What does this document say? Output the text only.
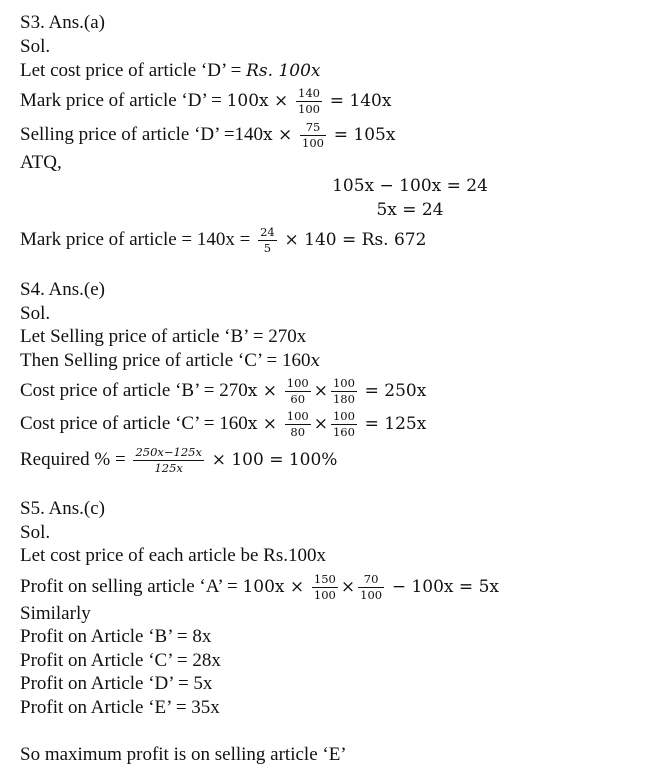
S3. Ans.(a)
Sol.
Let cost price of article ‘D’ = Rs. 100x
Mark price of article ‘D’ = $100x \times \frac{140}{100} = 140x$
Selling price of article ‘D’ $=140x \times \frac{75}{100} = 105x$
ATQ,
105x − 100x = 24
5x = 24
Mark price of article = $140x = \frac{24}{5} \times 140 = Rs$. 672
S4. Ans.(e)
Sol.
Let Selling price of article ‘B’ = 270x
Then Selling price of article ‘C’ = 160x
Cost price of article ‘B’ = $270x \times \frac{100}{60} \times \frac{100}{180} = 250x$
Cost price of article ‘C’ = $160x \times \frac{100}{80} \times \frac{100}{160} = 125x$
Required % = $\frac{250x-125x}{125x} \times 100 = 100\%$
S5. Ans.(c)
Sol.
Let cost price of each article be Rs.100x
Profit on selling article ‘A’ = $100x \times \frac{150}{100} \times \frac{70}{100} - 100x = 5x$
Similarly
Profit on Article ‘B’ = 8x
Profit on Article ‘C’ = 28x
Profit on Article ‘D’ = 5x
Profit on Article ‘E’ = 35x
So maximum profit is on selling article ‘E’
